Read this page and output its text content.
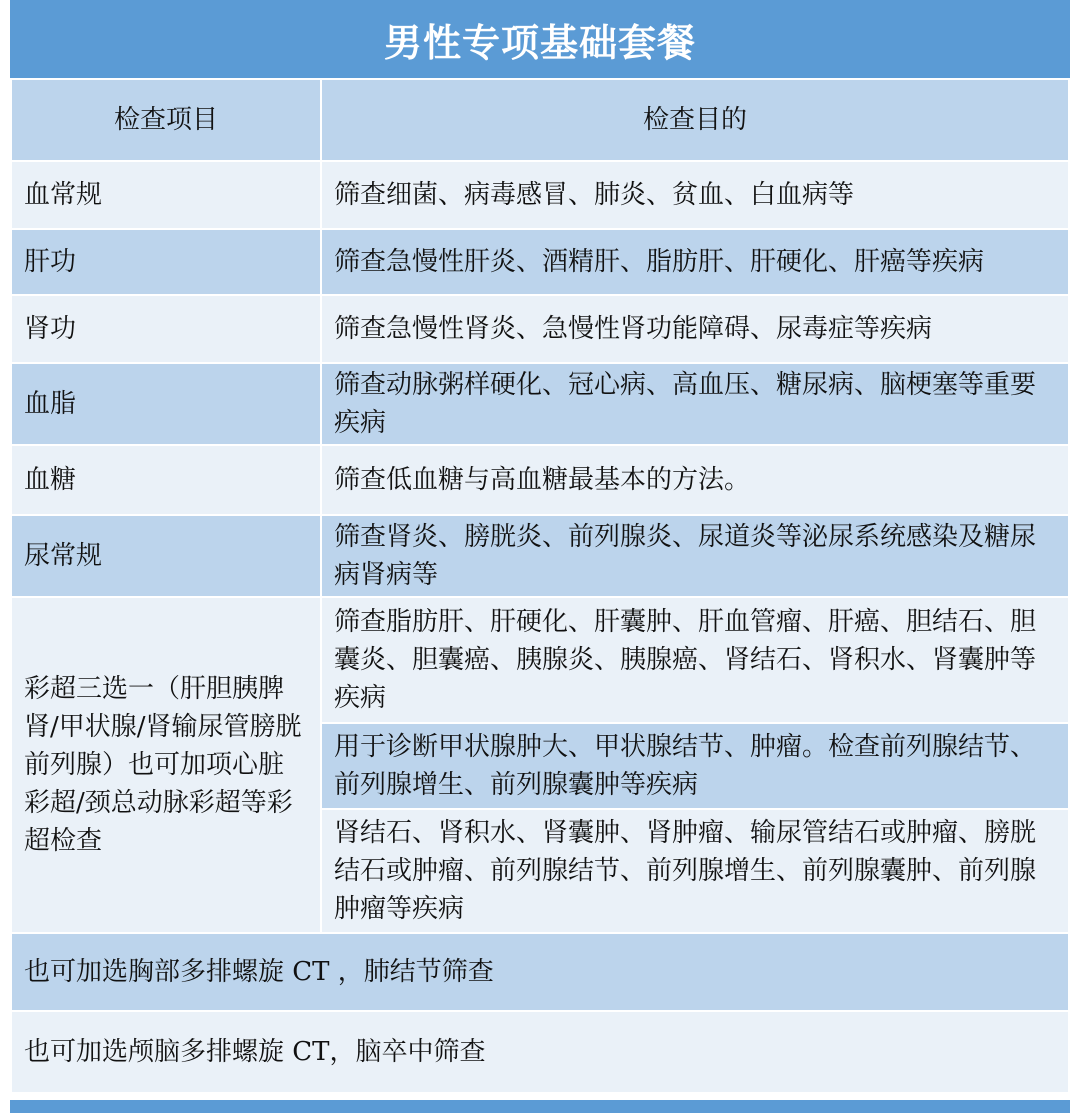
男性专项基础套餐
检查项目	检查目的
血常规	筛查细菌、病毒感冒、肺炎、贫血、白血病等
肝功	筛查急慢性肝炎、酒精肝、脂肪肝、肝硬化、肝癌等疾病
肾功	筛查急慢性肾炎、急慢性肾功能障碍、尿毒症等疾病
血脂	筛查动脉粥样硬化、冠心病、高血压、糖尿病、脑梗塞等重要疾病
血糖	筛查低血糖与高血糖最基本的方法。
尿常规	筛查肾炎、膀胱炎、前列腺炎、尿道炎等泌尿系统感染及糖尿病肾病等
彩超三选一（肝胆胰脾肾/甲状腺/肾输尿管膀胱前列腺）也可加项心脏彩超/颈总动脉彩超等彩超检查	筛查脂肪肝、肝硬化、肝囊肿、肝血管瘤、肝癌、胆结石、胆囊炎、胆囊癌、胰腺炎、胰腺癌、肾结石、肾积水、肾囊肿等疾病
	用于诊断甲状腺肿大、甲状腺结节、肿瘤。检查前列腺结节、前列腺增生、前列腺囊肿等疾病
	肾结石、肾积水、肾囊肿、肾肿瘤、输尿管结石或肿瘤、膀胱结石或肿瘤、前列腺结节、前列腺增生、前列腺囊肿、前列腺肿瘤等疾病
也可加选胸部多排螺旋 CT ，肺结节筛查	
也可加选颅脑多排螺旋 CT，脑卒中筛查	
